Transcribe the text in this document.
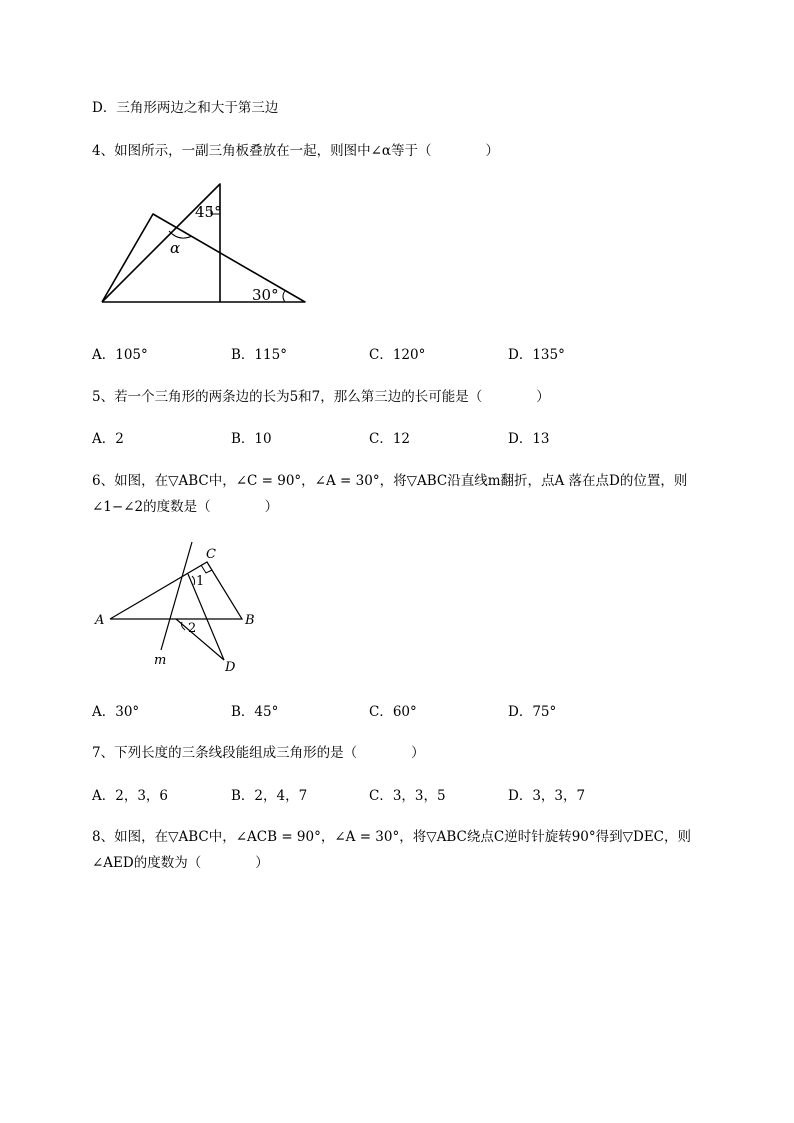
D．三角形两边之和大于第三边
4、如图所示，一副三角板叠放在一起，则图中∠α等于（　　　　）
45°
α
30°
A．105°	B．115°	C．120°	D．135°
5、若一个三角形的两条边的长为5和7，那么第三边的长可能是（　　　　）
A．2	B．10	C．12	D．13
6、如图，在▽ABC中，∠C = 90°，∠A = 30°，将▽ABC沿直线m翻折，点A 落在点D的位置，则
∠1−∠2的度数是（　　　　）
C
A	B
D
m
1
2
A．30°	B．45°	C．60°	D．75°
7、下列长度的三条线段能组成三角形的是（　　　　）
A．2，3，6	B．2，4，7	C．3，3，5	D．3，3，7
8、如图，在▽ABC中，∠ACB = 90°，∠A = 30°，将▽ABC绕点C逆时针旋转90°得到▽DEC，则
∠AED的度数为（　　　　）
